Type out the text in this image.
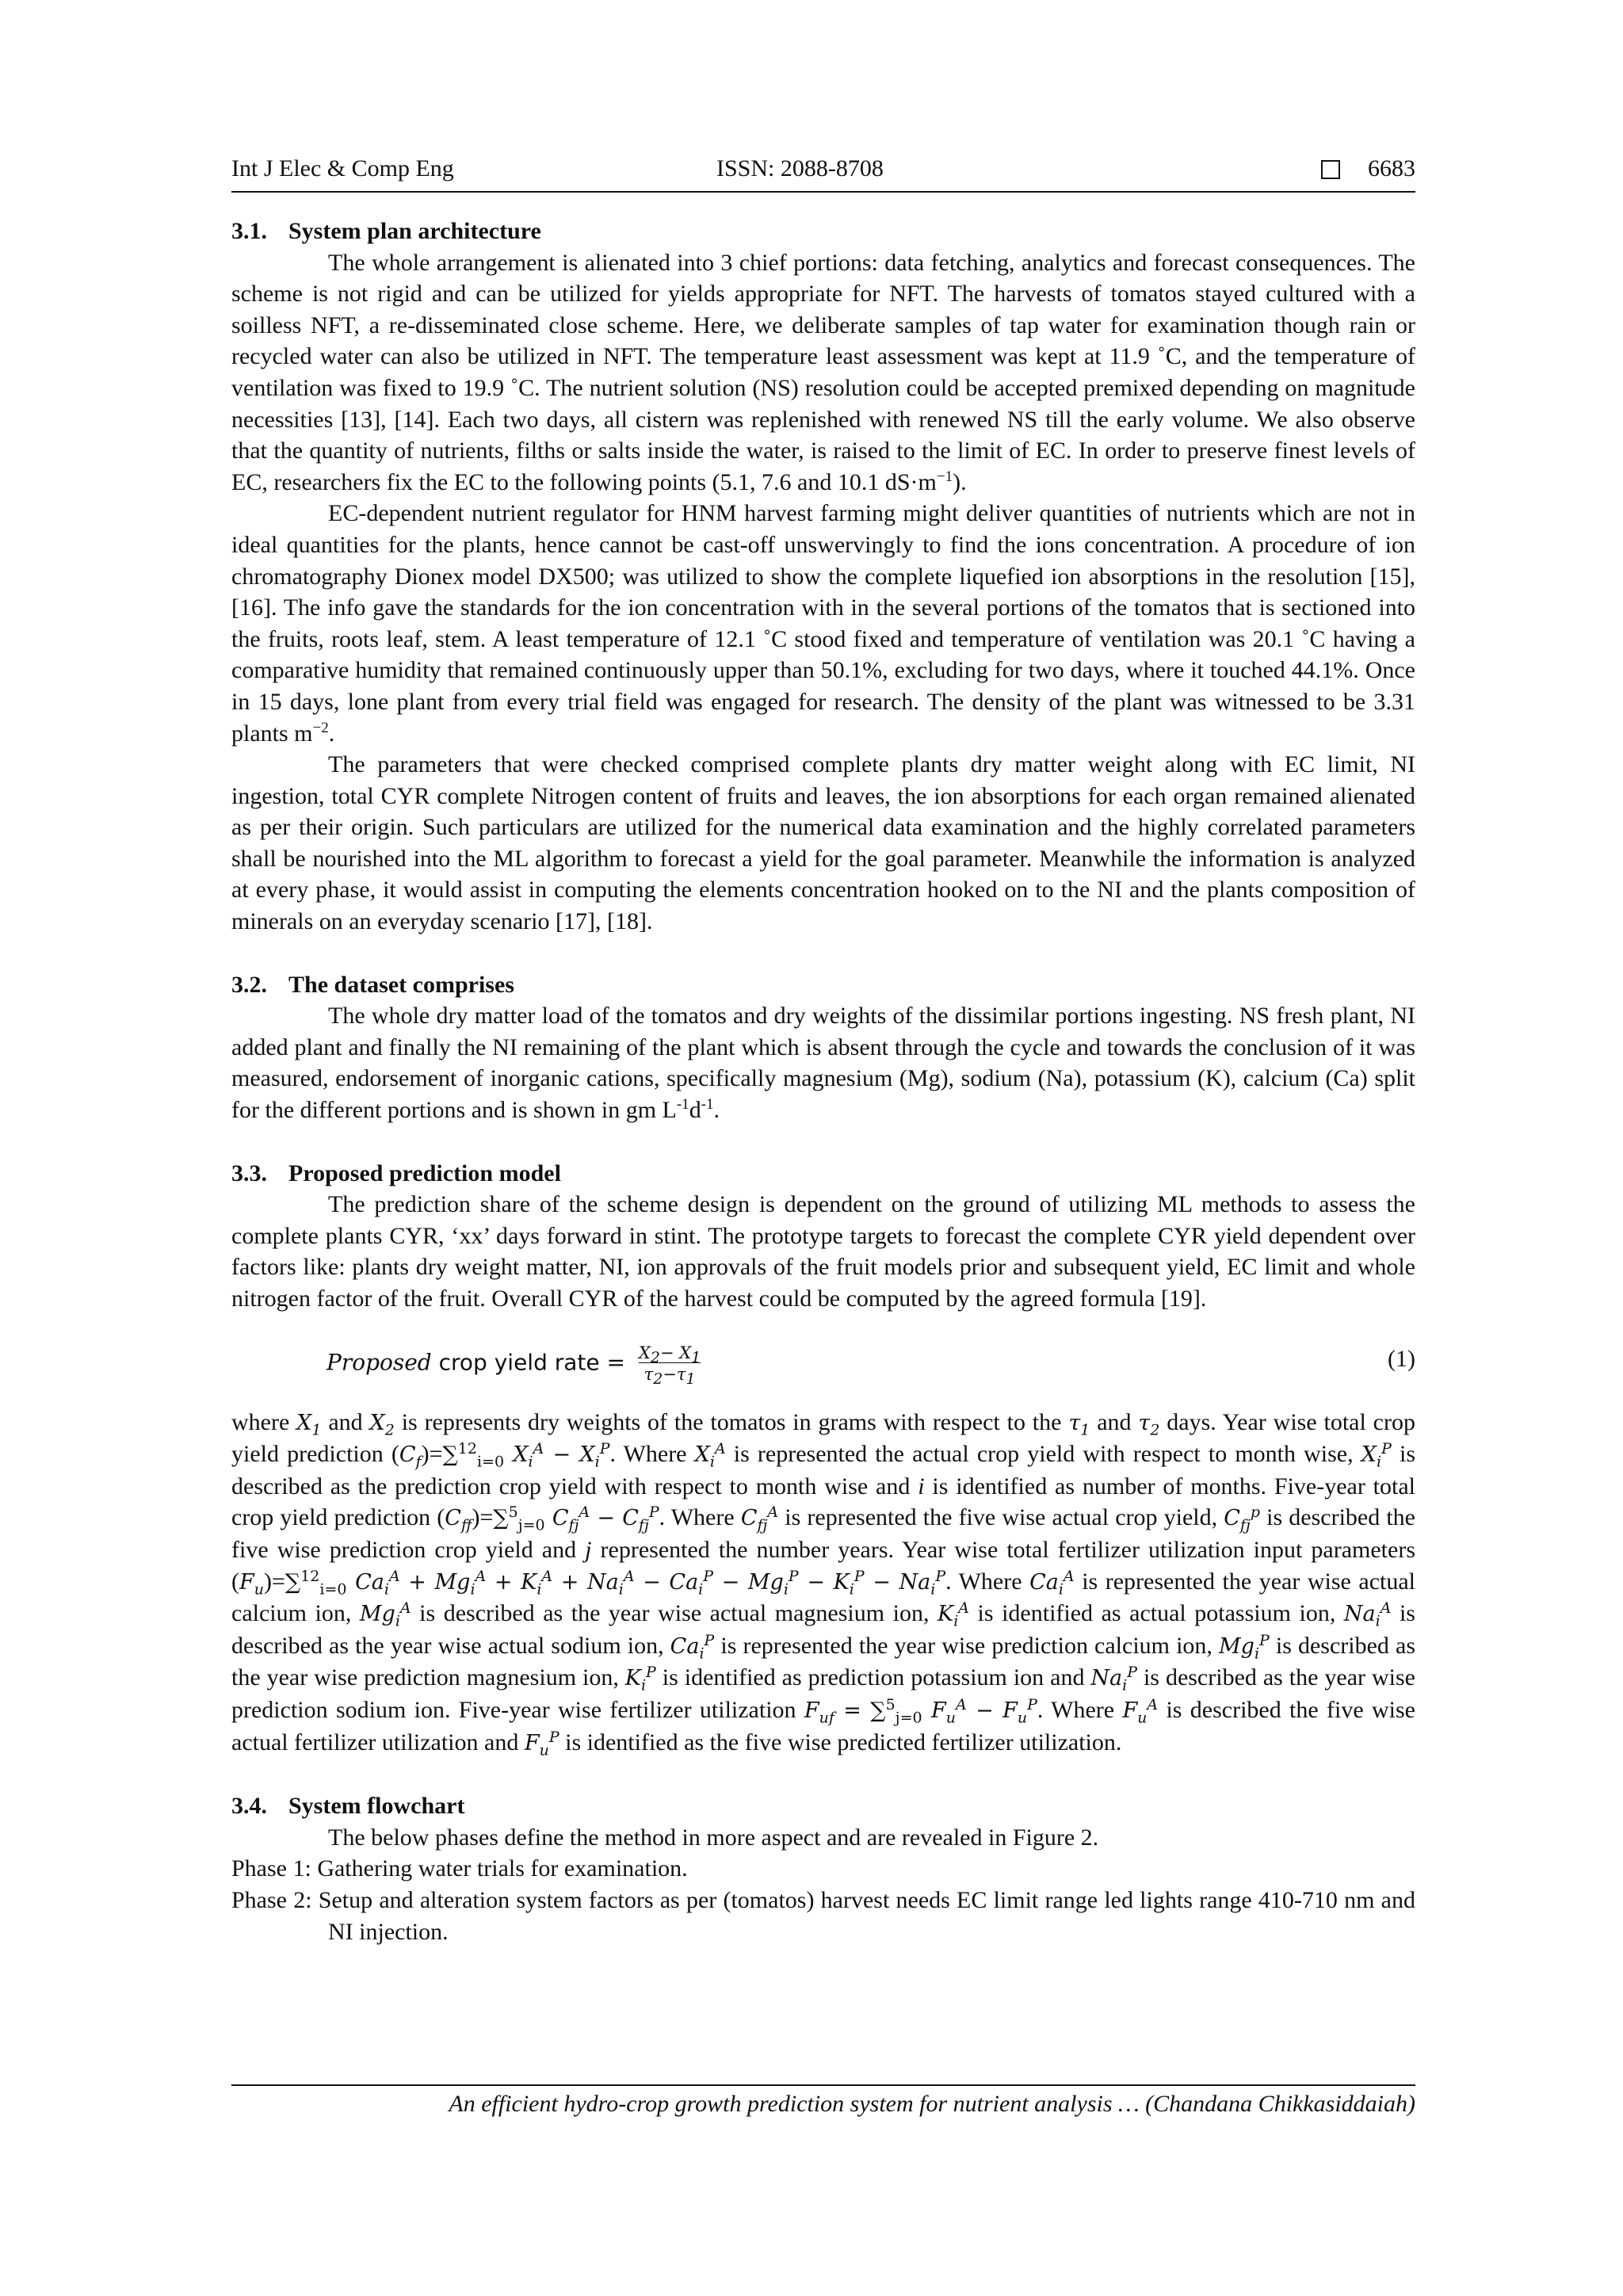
Int J Elec & Comp Eng	ISSN: 2088-8708	6683
3.1. System plan architecture

The whole arrangement is alienated into 3 chief portions: data fetching, analytics and forecast consequences. The scheme is not rigid and can be utilized for yields appropriate for NFT. The harvests of tomatos stayed cultured with a soilless NFT, a re-disseminated close scheme. Here, we deliberate samples of tap water for examination though rain or recycled water can also be utilized in NFT. The temperature least assessment was kept at 11.9 ˚C, and the temperature of ventilation was fixed to 19.9 ˚C. The nutrient solution (NS) resolution could be accepted premixed depending on magnitude necessities [13], [14]. Each two days, all cistern was replenished with renewed NS till the early volume. We also observe that the quantity of nutrients, filths or salts inside the water, is raised to the limit of EC. In order to preserve finest levels of EC, researchers fix the EC to the following points (5.1, 7.6 and 10.1 $dS\cdot m^{-1}$).

EC-dependent nutrient regulator for HNM harvest farming might deliver quantities of nutrients which are not in ideal quantities for the plants, hence cannot be cast-off unswervingly to find the ions concentration. A procedure of ion chromatography Dionex model DX500; was utilized to show the complete liquefied ion absorptions in the resolution [15], [16]. The info gave the standards for the ion concentration with in the several portions of the tomatos that is sectioned into the fruits, roots leaf, stem. A least temperature of 12.1 ˚C stood fixed and temperature of ventilation was 20.1 ˚C having a comparative humidity that remained continuously upper than 50.1%, excluding for two days, where it touched 44.1%. Once in 15 days, lone plant from every trial field was engaged for research. The density of the plant was witnessed to be 3.31 plants $m^{-2}$.

The parameters that were checked comprised complete plants dry matter weight along with EC limit, NI ingestion, total CYR complete Nitrogen content of fruits and leaves, the ion absorptions for each organ remained alienated as per their origin. Such particulars are utilized for the numerical data examination and the highly correlated parameters shall be nourished into the ML algorithm to forecast a yield for the goal parameter. Meanwhile the information is analyzed at every phase, it would assist in computing the elements concentration hooked on to the NI and the plants composition of minerals on an everyday scenario [17], [18].

3.2. The dataset comprises

The whole dry matter load of the tomatos and dry weights of the dissimilar portions ingesting. NS fresh plant, NI added plant and finally the NI remaining of the plant which is absent through the cycle and towards the conclusion of it was measured, endorsement of inorganic cations, specifically magnesium (Mg), sodium (Na), potassium (K), calcium (Ca) split for the different portions and is shown in gm $L^{-1}d^{-1}$.

3.3. Proposed prediction model

The prediction share of the scheme design is dependent on the ground of utilizing ML methods to assess the complete plants CYR, ‘xx’ days forward in stint. The prototype targets to forecast the complete CYR yield dependent over factors like: plants dry weight matter, NI, ion approvals of the fruit models prior and subsequent yield, EC limit and whole nitrogen factor of the fruit. Overall CYR of the harvest could be computed by the agreed formula [19].

Proposed crop yield rate = $\frac{X_2- X_1}{\tau_2-\tau_1}$	(1)

where $X_1$ and $X_2$ is represents dry weights of the tomatos in grams with respect to the $\tau_1$ and $\tau_2$ days. Year wise total crop yield prediction $(C_f)=\sum^{12}_{i=0}$ $X_i^A - X_i^P$. Where $X_i^A$ is represented the actual crop yield with respect to month wise, $X_i^P$ is described as the prediction crop yield with respect to month wise and i is identified as number of months. Five-year total crop yield prediction $(C_{ff})=\sum^5_{j=0}$ $C_{fj}^A - C_{fj}^P$. Where $C_{fj}^A$ is represented the five wise actual crop yield, $C_{fj}^p$ is described the five wise prediction crop yield and j represented the number years. Year wise total fertilizer utilization input parameters $(F_u)=\sum^{12}_{i=0}$ $Ca_i^A + Mg_i^A + K_i^A + Na_i^A - Ca_i^P - Mg_i^P - K_i^P - Na_i^P$. Where $Ca_i^A$ is represented the year wise actual calcium ion, $Mg_i^A$ is described as the year wise actual magnesium ion, $K_i^A$ is identified as actual potassium ion, $Na_i^A$ is described as the year wise actual sodium ion, $Ca_i^P$ is represented the year wise prediction calcium ion, $Mg_i^P$ is described as the year wise prediction magnesium ion, $K_i^P$ is identified as prediction potassium ion and $Na_i^P$ is described as the year wise prediction sodium ion. Five-year wise fertilizer utilization $F_{uf} = \sum^5_{j=0}$ $F_u^A - F_u^P$. Where $F_u^A$ is described the five wise actual fertilizer utilization and $F_u^P$ is identified as the five wise predicted fertilizer utilization.

3.4. System flowchart

The below phases define the method in more aspect and are revealed in Figure 2.

Phase 1: Gathering water trials for examination.
Phase 2: Setup and alteration system factors as per (tomatos) harvest needs EC limit range led lights range 410-710 nm and NI injection.
An efficient hydro-crop growth prediction system for nutrient analysis … (Chandana Chikkasiddaiah)
